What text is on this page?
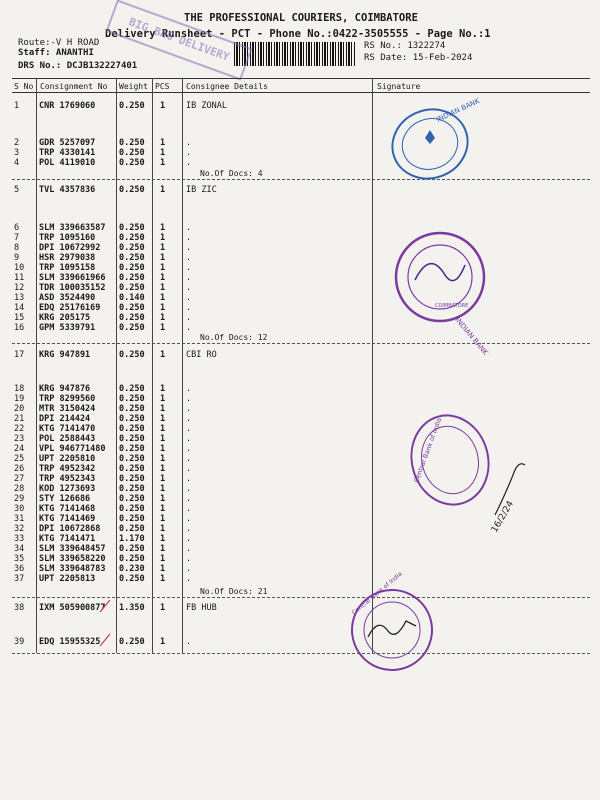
THE PROFESSIONAL COURIERS, COIMBATORE
Delivery Runsheet - PCT - Phone No.:0422-3505555 - Page No.:1
Route:-V H ROAD
Staff: ANANTHI
DRS No.: DCJB132227401
RS No.: 1322274
RS Date: 15-Feb-2024
BIG BAG DELIVERY
S No Consignment No Weight PCS Consignee Details	Signature
1 CNR 1769060	0.250 1 IB ZONAL
2 GDR 5257097	0.250 1 .
3 TRP 4330141	0.250 1 .
4 POL 4119010	0.250 1 .
5 TVL 4357836	0.250 1 IB ZIC
6 SLM 339663587 0.250 1 .
7 TRP 1095160	0.250 1 .
8 DPI 10672992 0.250 1 .
9 HSR 2979038	0.250 1 .
10 TRP 1095158	0.250 1 .
11 SLM 339661966 0.250 1 .
12 TDR 100035152 0.250 1 .
13 ASD 3524490	0.140 1 .
14 EDQ 25176169 0.250 1 .
15 KRG 205175	0.250 1 .
16 GPM 5339791	0.250 1 .
17 KRG 947891	0.250 1 CBI RO
18 KRG 947876	0.250 1 .
19 TRP 8299560	0.250 1 .
20 MTR 3150424	0.250 1 .
21 DPI 214424	0.250 1 .
22 KTG 7141470	0.250 1 .
23 POL 2588443	0.250 1 .
24 VPL 946771480 0.250 1 .
25 UPT 2205810	0.250 1 .
26 TRP 4952342	0.250 1 .
27 TRP 4952343	0.250 1 .
28 KOD 1273693	0.250 1 .
29 STY 126686	0.250 1 .
30 KTG 7141468	0.250 1 .
31 KTG 7141469	0.250 1 .
32 DPI 10672868 0.250 1 .
33 KTG 7141471	1.170 1 .
34 SLM 339648457 0.250 1 .
35 SLM 339658220 0.250 1 .
36 SLM 339648783 0.230 1 .
37 UPT 2205813	0.250 1 .
38 IXM 505900877 1.350 1 FB HUB
39 EDQ 15955325 0.250 1 .
No.Of Docs: 4
No.Of Docs: 12
No.Of Docs: 21
INDIAN BANK
INDIAN BANK
COIMBATORE
Central Bank of India
16/2/24
Central Bank of India
